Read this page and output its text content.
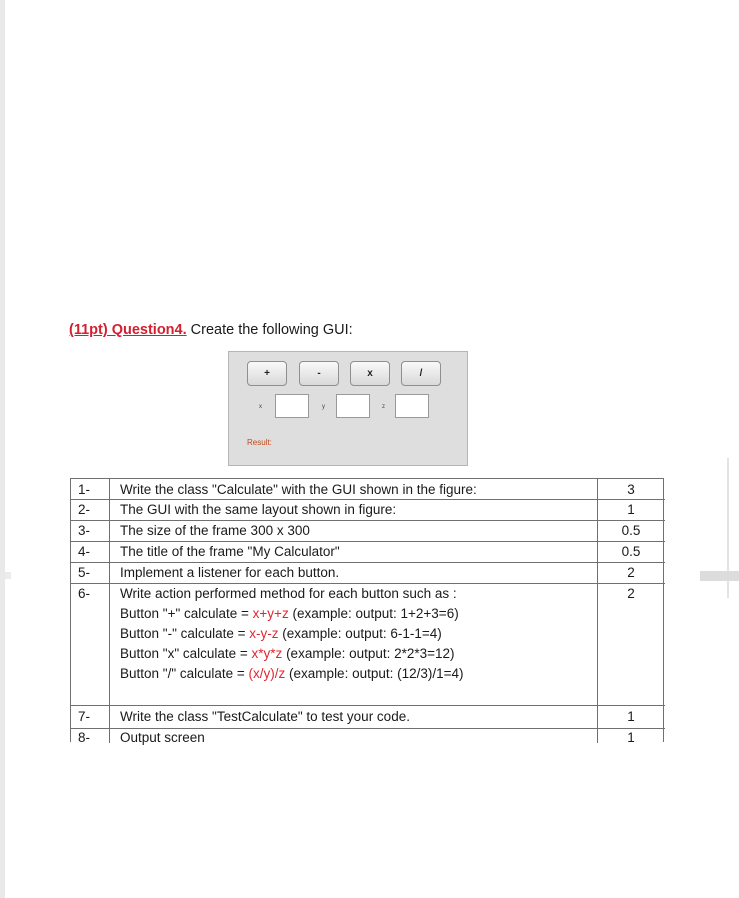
(11pt) Question4. Create the following GUI:
+	-	x	/
x	y	z
Result:
1- Write the class "Calculate" with the GUI shown in the figure:	3
2- The GUI with the same layout shown in figure:	1
3- The size of the frame 300 x 300	0.5
4- The title of the frame "My Calculator"	0.5
5- Implement a listener for each button.	2
6- Write action performed method for each button such as :	2
Button "+" calculate = x+y+z (example: output: 1+2+3=6)
Button "-" calculate = x-y-z (example: output: 6-1-1=4)
Button "x" calculate = x*y*z (example: output: 2*2*3=12)
Button "/" calculate = (x/y)/z (example: output: (12/3)/1=4)
7- Write the class "TestCalculate" to test your code.	1
8- Output screen	1
